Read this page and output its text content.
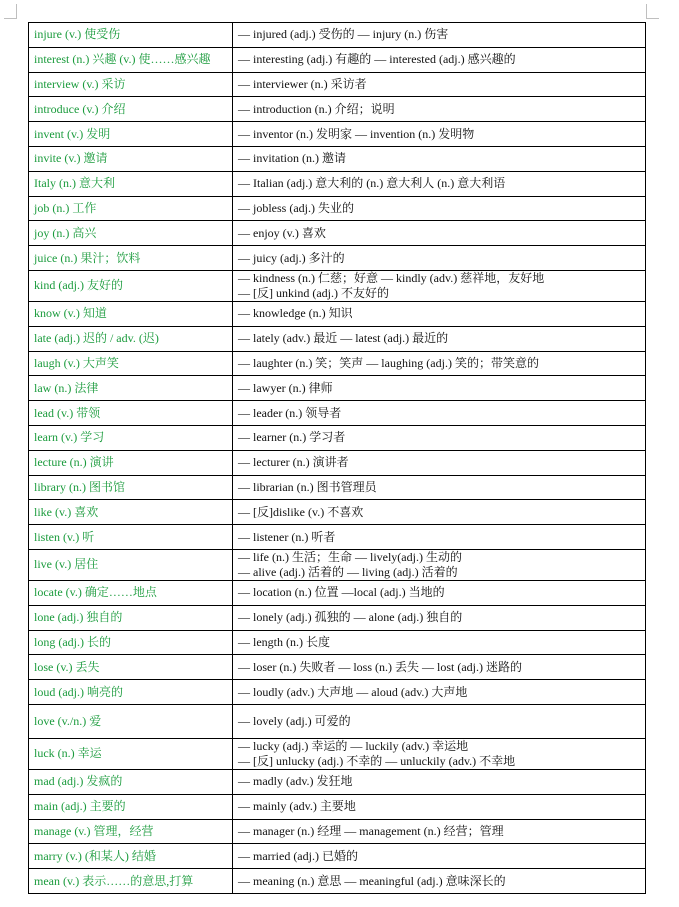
injure (v.) 使受伤	— injured (adj.) 受伤的 — injury (n.) 伤害

interest (n.) 兴趣 (v.) 使……感兴趣	— interesting (adj.) 有趣的 — interested (adj.) 感兴趣的

interview (v.) 采访	— interviewer (n.) 采访者

introduce (v.) 介绍	— introduction (n.) 介绍；说明

invent (v.) 发明	— inventor (n.) 发明家 — invention (n.) 发明物

invite (v.) 邀请	— invitation (n.) 邀请

Italy (n.) 意大利	— Italian (adj.) 意大利的 (n.) 意大利人 (n.) 意大利语

job (n.) 工作	— jobless (adj.) 失业的

joy (n.) 高兴	— enjoy (v.) 喜欢

juice (n.) 果汁；饮料	— juicy (adj.) 多汁的

kind (adj.) 友好的	— kindness (n.) 仁慈；好意 — kindly (adv.) 慈祥地，友好地
— [反] unkind (adj.) 不友好的

know (v.) 知道	— knowledge (n.) 知识

late (adj.) 迟的 / adv. (迟)	— lately (adv.) 最近 — latest (adj.) 最近的

laugh (v.) 大声笑	— laughter (n.) 笑；笑声 — laughing (adj.) 笑的；带笑意的

law (n.) 法律	— lawyer (n.) 律师

lead (v.) 带领	— leader (n.) 领导者

learn (v.) 学习	— learner (n.) 学习者

lecture (n.) 演讲	— lecturer (n.) 演讲者

library (n.) 图书馆	— librarian (n.) 图书管理员

like (v.) 喜欢	— [反]dislike (v.) 不喜欢

listen (v.) 听	— listener (n.) 听者

live (v.) 居住	— life (n.) 生活；生命 — lively(adj.) 生动的
— alive (adj.) 活着的 — living (adj.) 活着的

locate (v.) 确定……地点	— location (n.) 位置 —local (adj.) 当地的

lone (adj.) 独自的	— lonely (adj.) 孤独的 — alone (adj.) 独自的

long (adj.) 长的	— length (n.) 长度

lose (v.) 丢失	— loser (n.) 失败者 — loss (n.) 丢失 — lost (adj.) 迷路的

loud (adj.) 响亮的	— loudly (adv.) 大声地 — aloud (adv.) 大声地

love (v./n.) 爱	— lovely (adj.) 可爱的

luck (n.) 幸运	— lucky (adj.) 幸运的 — luckily (adv.) 幸运地
— [反] unlucky (adj.) 不幸的 — unluckily (adv.) 不幸地

mad (adj.) 发疯的	— madly (adv.) 发狂地

main (adj.) 主要的	— mainly (adv.) 主要地

manage (v.) 管理，经营	— manager (n.) 经理 — management (n.) 经营；管理

marry (v.) (和某人) 结婚	— married (adj.) 已婚的

mean (v.) 表示……的意思,打算	— meaning (n.) 意思 — meaningful (adj.) 意味深长的
